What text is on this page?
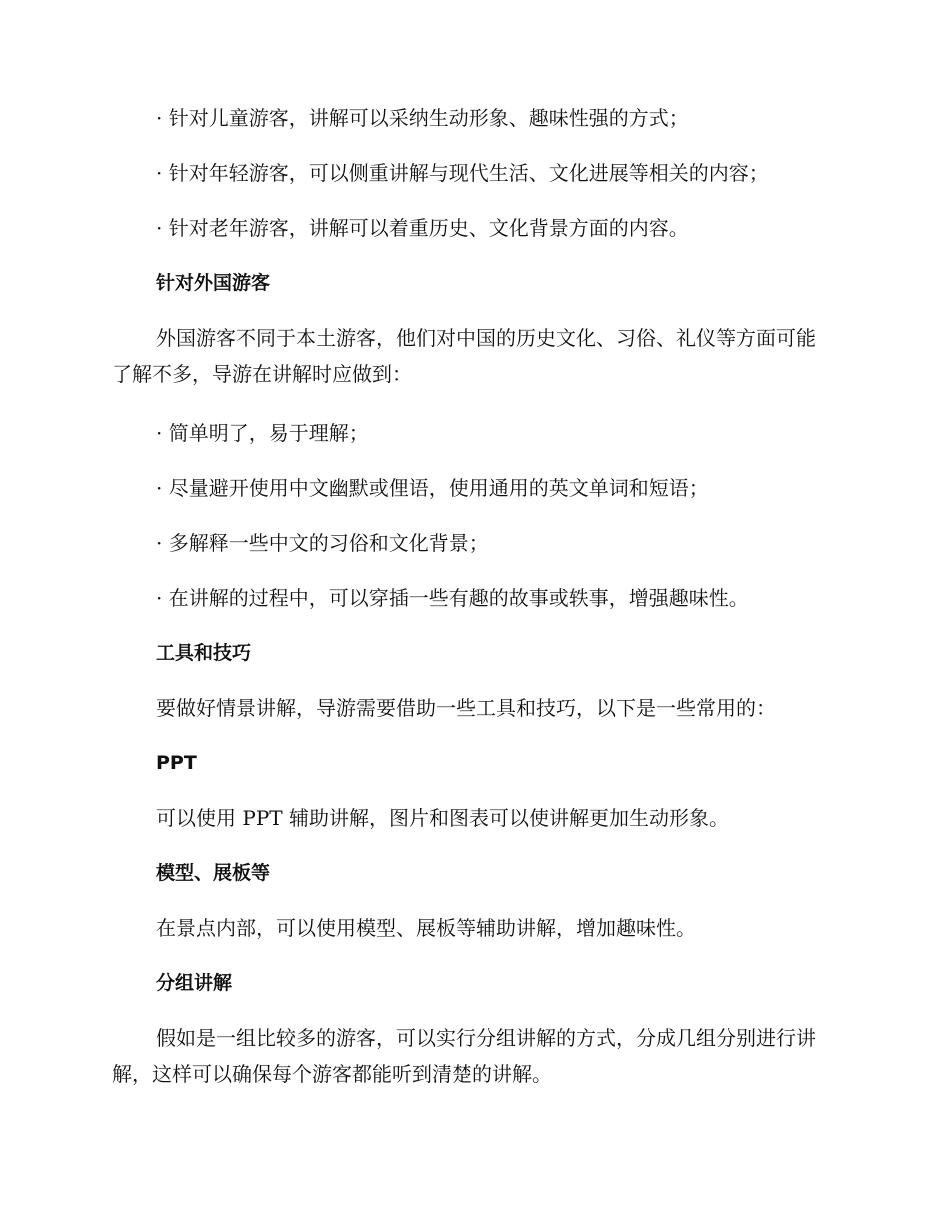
· 针对儿童游客，讲解可以采纳生动形象、趣味性强的方式；

· 针对年轻游客，可以侧重讲解与现代生活、文化进展等相关的内容；

· 针对老年游客，讲解可以着重历史、文化背景方面的内容。

针对外国游客

外国游客不同于本土游客，他们对中国的历史文化、习俗、礼仪等方面可能了解不多，导游在讲解时应做到：

· 简单明了，易于理解；

· 尽量避开使用中文幽默或俚语，使用通用的英文单词和短语；

· 多解释一些中文的习俗和文化背景；

· 在讲解的过程中，可以穿插一些有趣的故事或轶事，增强趣味性。

工具和技巧

要做好情景讲解，导游需要借助一些工具和技巧，以下是一些常用的：

PPT

可以使用 PPT 辅助讲解，图片和图表可以使讲解更加生动形象。

模型、展板等

在景点内部，可以使用模型、展板等辅助讲解，增加趣味性。

分组讲解

假如是一组比较多的游客，可以实行分组讲解的方式，分成几组分别进行讲解，这样可以确保每个游客都能听到清楚的讲解。
